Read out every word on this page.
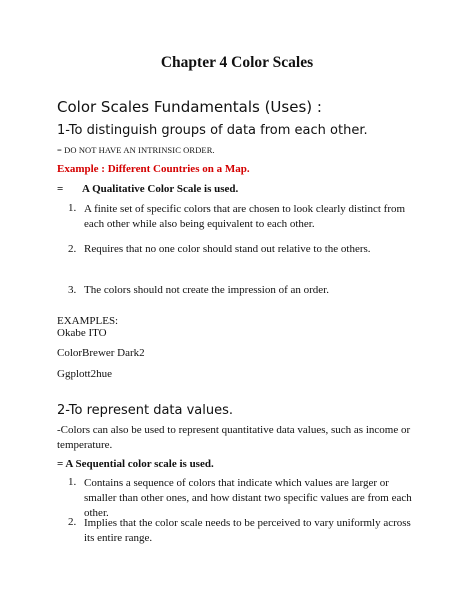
Chapter 4 Color Scales
Color Scales Fundamentals (Uses) :
1-To distinguish groups of data from each other.
= DO NOT HAVE AN INTRINSIC ORDER.
Example : Different Countries on a Map.
= A Qualitative Color Scale is used.
1. A finite set of specific colors that are chosen to look clearly distinct from each other while also being equivalent to each other.
2. Requires that no one color should stand out relative to the others.
3. The colors should not create the impression of an order.
EXAMPLES:
Okabe ITO
ColorBrewer Dark2
Ggplott2hue
2-To represent data values.
-Colors can also be used to represent quantitative data values, such as income or temperature.
= A Sequential color scale is used.
1. Contains a sequence of colors that indicate which values are larger or smaller than other ones, and how distant two specific values are from each other.
2. Implies that the color scale needs to be perceived to vary uniformly across its entire range.
